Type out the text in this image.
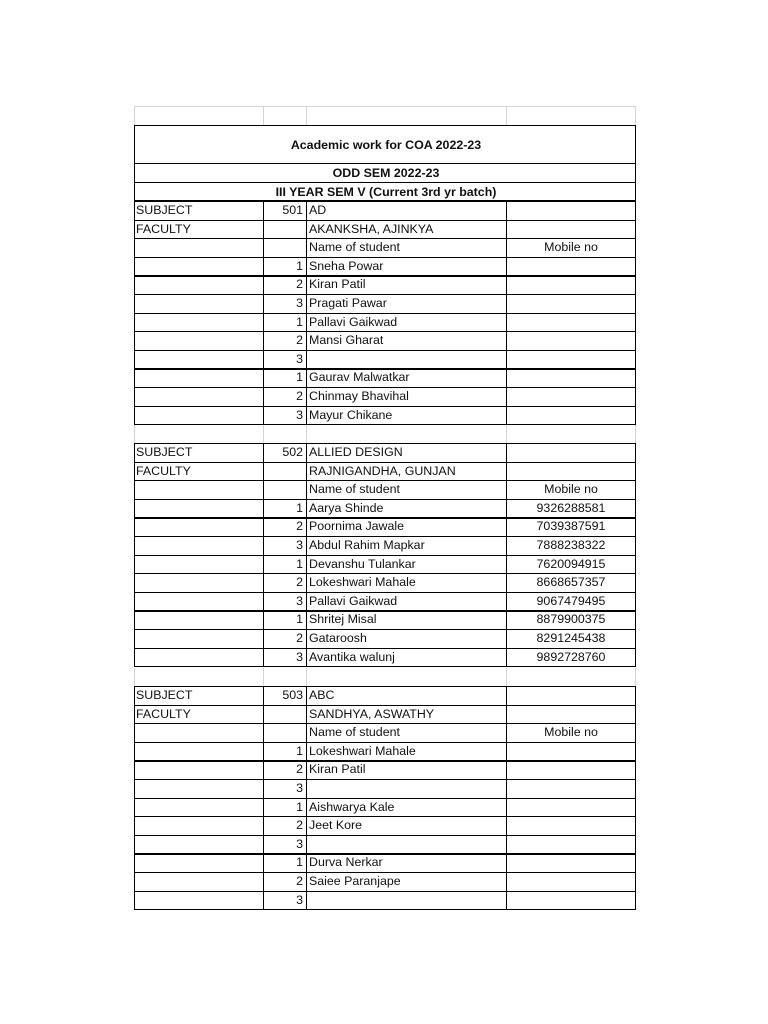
Academic work for COA 2022-23
ODD SEM 2022-23
III YEAR SEM V (Current 3rd yr batch)
SUBJECT	501 AD
FACULTY	AKANKSHA, AJINKYA
Name of student	Mobile no
1 Sneha Powar
2 Kiran Patil
3 Pragati Pawar
1 Pallavi Gaikwad
2 Mansi Gharat
3
1 Gaurav Malwatkar
2 Chinmay Bhavihal
3 Mayur Chikane
SUBJECT	502 ALLIED DESIGN
FACULTY	RAJNIGANDHA, GUNJAN
Name of student	Mobile no
1 Aarya Shinde	9326288581
2 Poornima Jawale	7039387591
3 Abdul Rahim Mapkar	7888238322
1 Devanshu Tulankar	7620094915
2 Lokeshwari Mahale	8668657357
3 Pallavi Gaikwad	9067479495
1 Shritej Misal	8879900375
2 Gataroosh	8291245438
3 Avantika walunj	9892728760
SUBJECT	503 ABC
FACULTY	SANDHYA, ASWATHY
Name of student	Mobile no
1 Lokeshwari Mahale
2 Kiran Patil
3
1 Aishwarya Kale
2 Jeet Kore
3
1 Durva Nerkar
2 Saiee Paranjape
3
